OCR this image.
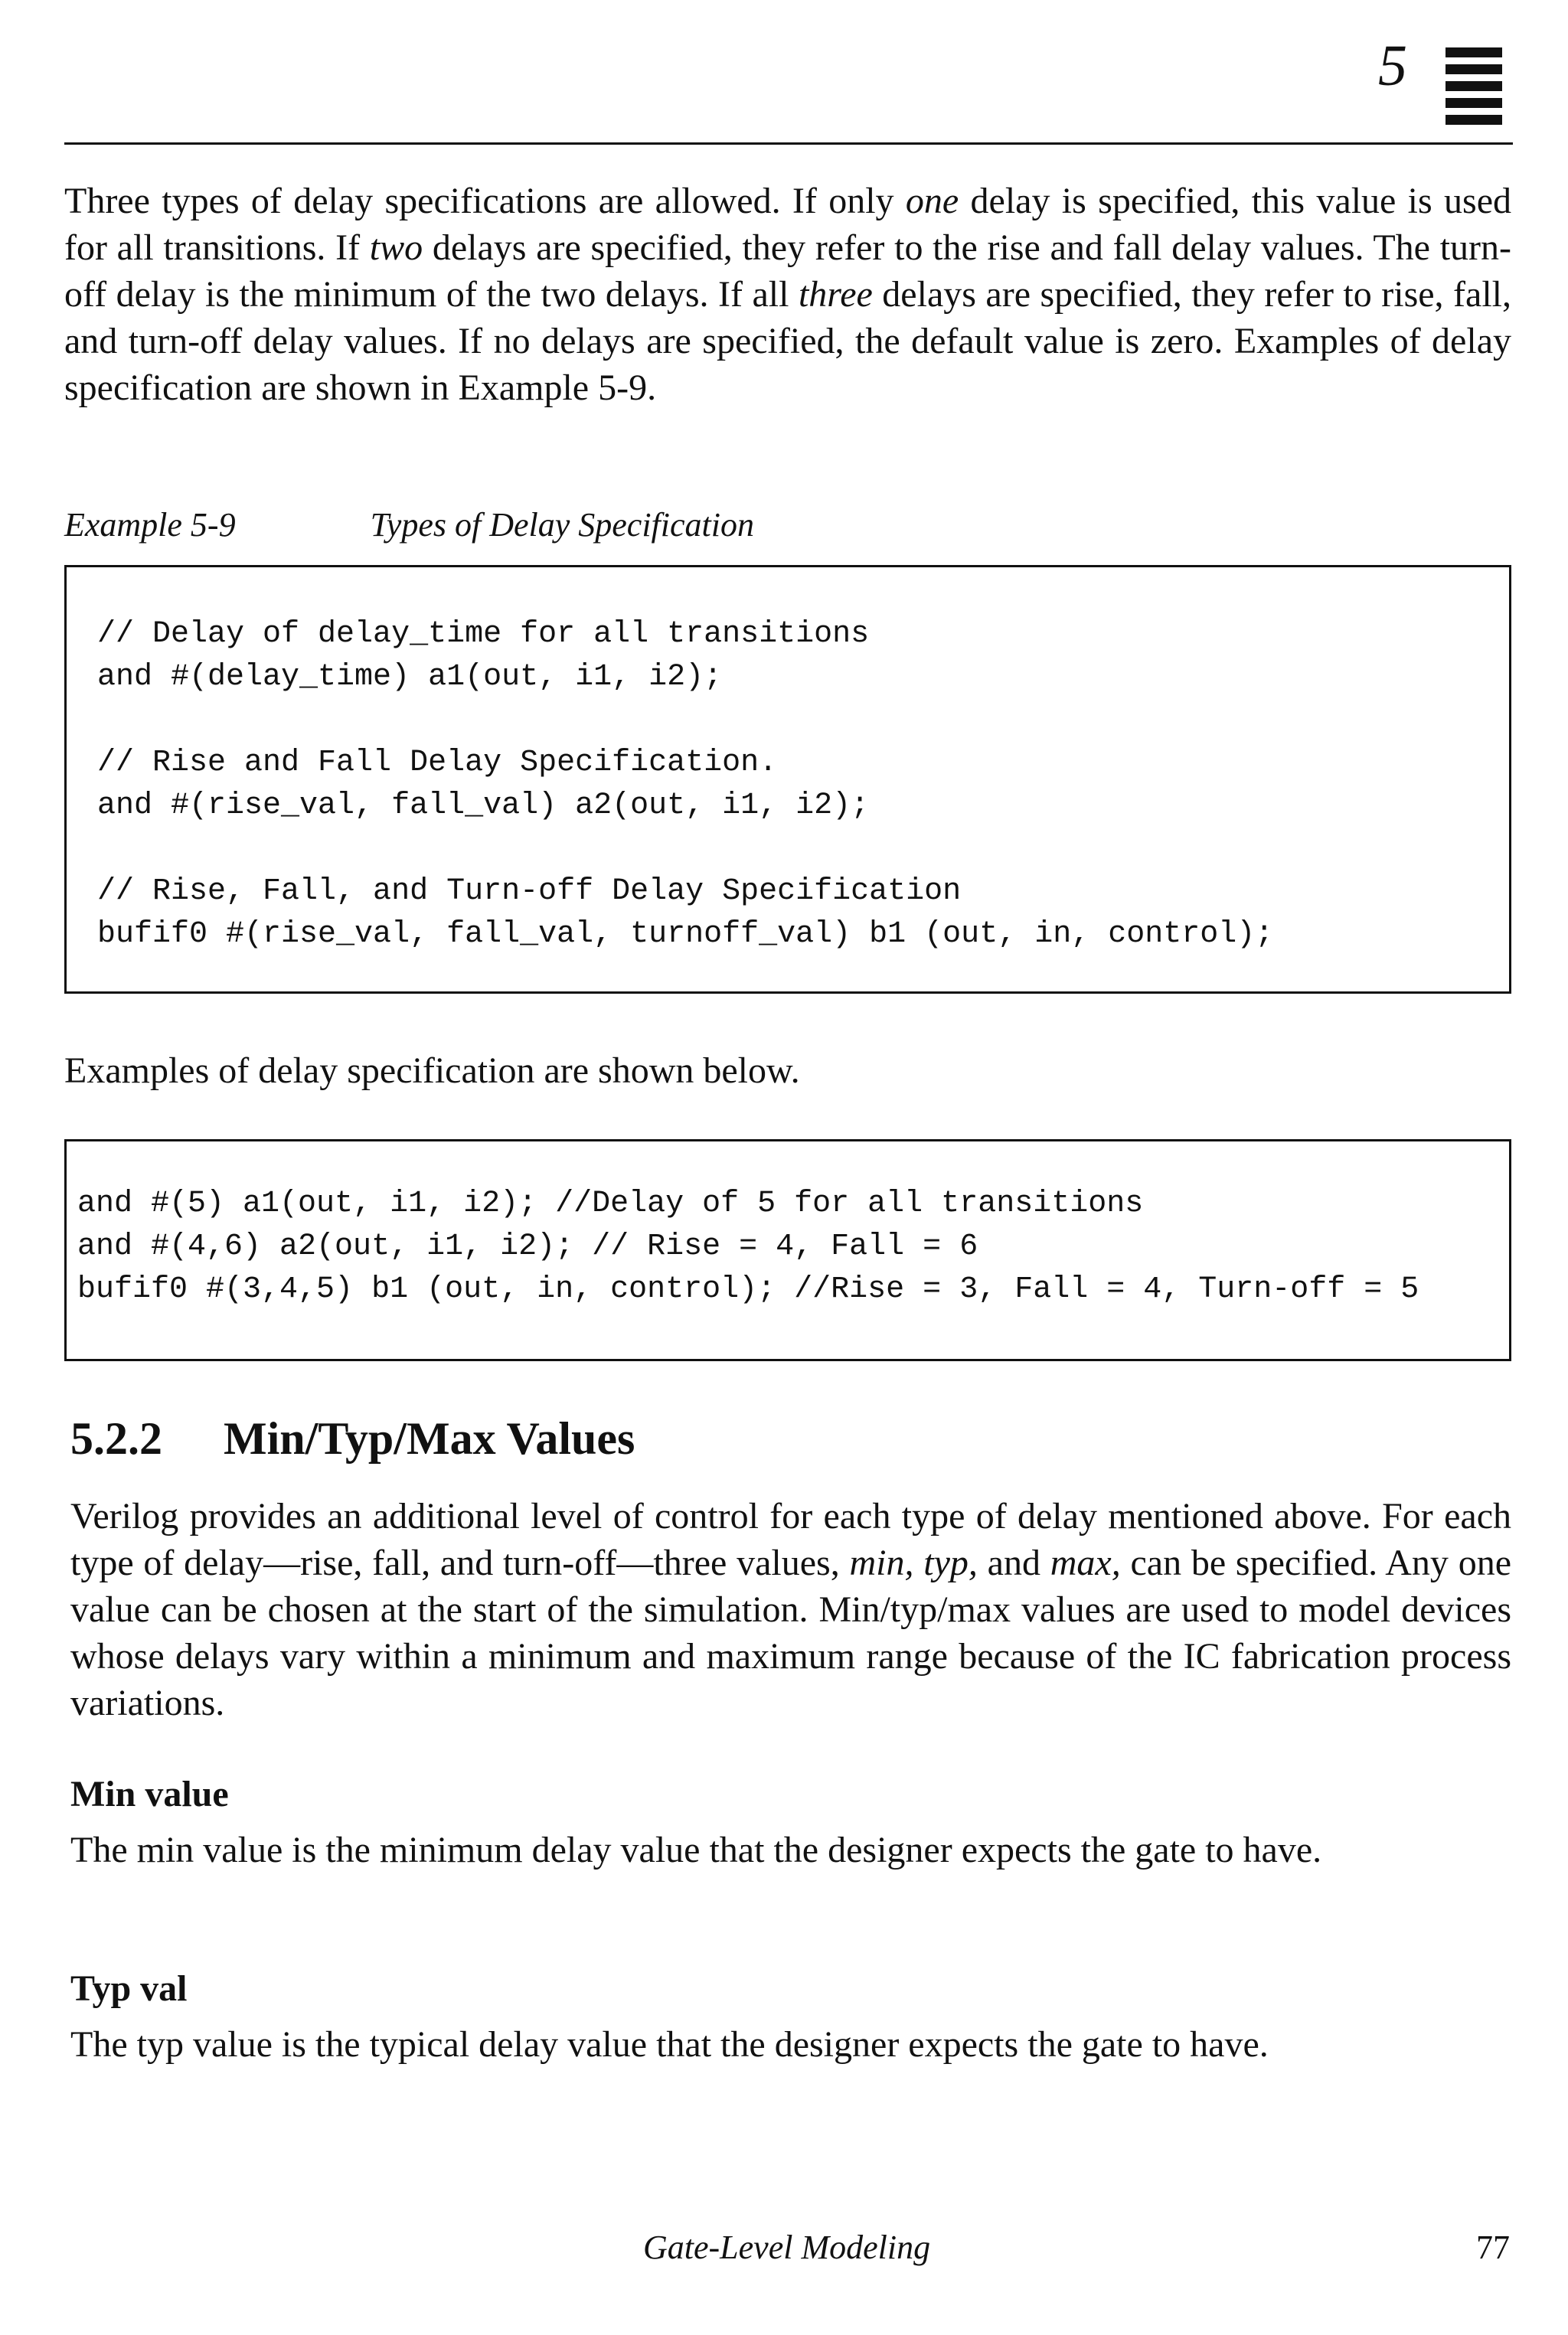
5

Three types of delay specifications are allowed. If only one delay is specified, this value is used for all transitions. If two delays are specified, they refer to the rise and fall delay values. The turn-off delay is the minimum of the two delays. If all three delays are specified, they refer to rise, fall, and turn-off delay values. If no delays are specified, the default value is zero. Examples of delay specification are shown in Example 5-9.

Example 5-9	Types of Delay Specification
// Delay of delay_time for all transitions
and #(delay_time) a1(out, i1, i2);
// Rise and Fall Delay Specification.
and #(rise_val, fall_val) a2(out, i1, i2);
// Rise, Fall, and Turn-off Delay Specification
bufif0 #(rise_val, fall_val, turnoff_val) b1 (out, in, control);
Examples of delay specification are shown below.
and #(5) a1(out, i1, i2); //Delay of 5 for all transitions
and #(4,6) a2(out, i1, i2); // Rise = 4, Fall = 6
bufif0 #(3,4,5) b1 (out, in, control); //Rise = 3, Fall = 4, Turn-off = 5
5.2.2 Min/Typ/Max Values

Verilog provides an additional level of control for each type of delay mentioned above. For each type of delay—rise, fall, and turn-off—three values, min, typ, and max, can be specified. Any one value can be chosen at the start of the simulation. Min/typ/max values are used to model devices whose delays vary within a minimum and maximum range because of the IC fabrication process variations.

Min value

The min value is the minimum delay value that the designer expects the gate to have.

Typ val

The typ value is the typical delay value that the designer expects the gate to have.

Gate-Level Modeling	77
